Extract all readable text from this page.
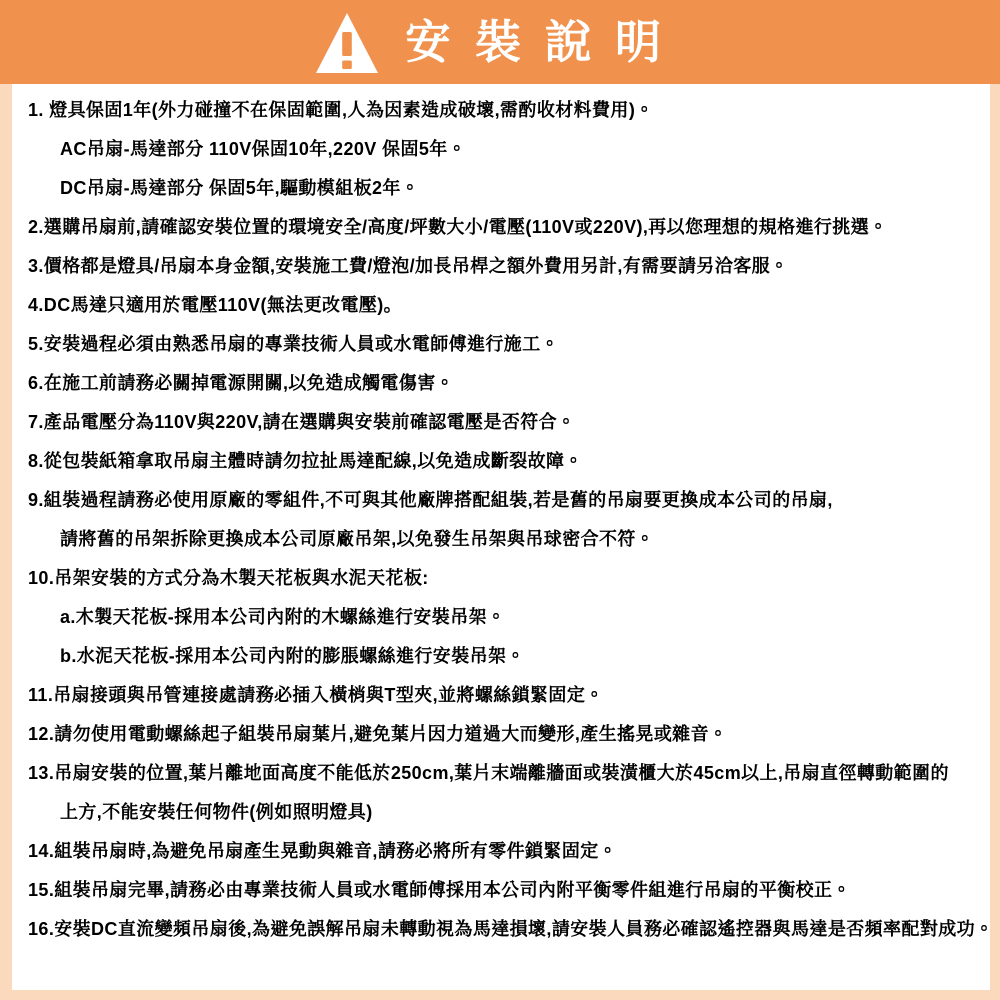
安裝說明
1. 燈具保固1年(外力碰撞不在保固範圍,人為因素造成破壞,需酌收材料費用)。
AC吊扇-馬達部分 110V保固10年,220V 保固5年。
DC吊扇-馬達部分 保固5年,驅動模組板2年。
2.選購吊扇前,請確認安裝位置的環境安全/高度/坪數大小/電壓(110V或220V),再以您理想的規格進行挑選。
3.價格都是燈具/吊扇本身金額,安裝施工費/燈泡/加長吊桿之額外費用另計,有需要請另洽客服。
4.DC馬達只適用於電壓110V(無法更改電壓)。
5.安裝過程必須由熟悉吊扇的專業技術人員或水電師傅進行施工。
6.在施工前請務必關掉電源開關,以免造成觸電傷害。
7.產品電壓分為110V與220V,請在選購與安裝前確認電壓是否符合。
8.從包裝紙箱拿取吊扇主體時請勿拉扯馬達配線,以免造成斷裂故障。
9.組裝過程請務必使用原廠的零組件,不可與其他廠牌搭配組裝,若是舊的吊扇要更換成本公司的吊扇,
請將舊的吊架拆除更換成本公司原廠吊架,以免發生吊架與吊球密合不符。
10.吊架安裝的方式分為木製天花板與水泥天花板:
a.木製天花板-採用本公司內附的木螺絲進行安裝吊架。
b.水泥天花板-採用本公司內附的膨脹螺絲進行安裝吊架。
11.吊扇接頭與吊管連接處請務必插入橫梢與T型夾,並將螺絲鎖緊固定。
12.請勿使用電動螺絲起子組裝吊扇葉片,避免葉片因力道過大而變形,產生搖晃或雜音。
13.吊扇安裝的位置,葉片離地面高度不能低於250cm,葉片末端離牆面或裝潢櫃大於45cm以上,吊扇直徑轉動範圍的
上方,不能安裝任何物件(例如照明燈具)
14.組裝吊扇時,為避免吊扇產生晃動與雜音,請務必將所有零件鎖緊固定。
15.組裝吊扇完畢,請務必由專業技術人員或水電師傅採用本公司內附平衡零件組進行吊扇的平衡校正。
16.安裝DC直流變頻吊扇後,為避免誤解吊扇未轉動視為馬達損壞,請安裝人員務必確認遙控器與馬達是否頻率配對成功。
